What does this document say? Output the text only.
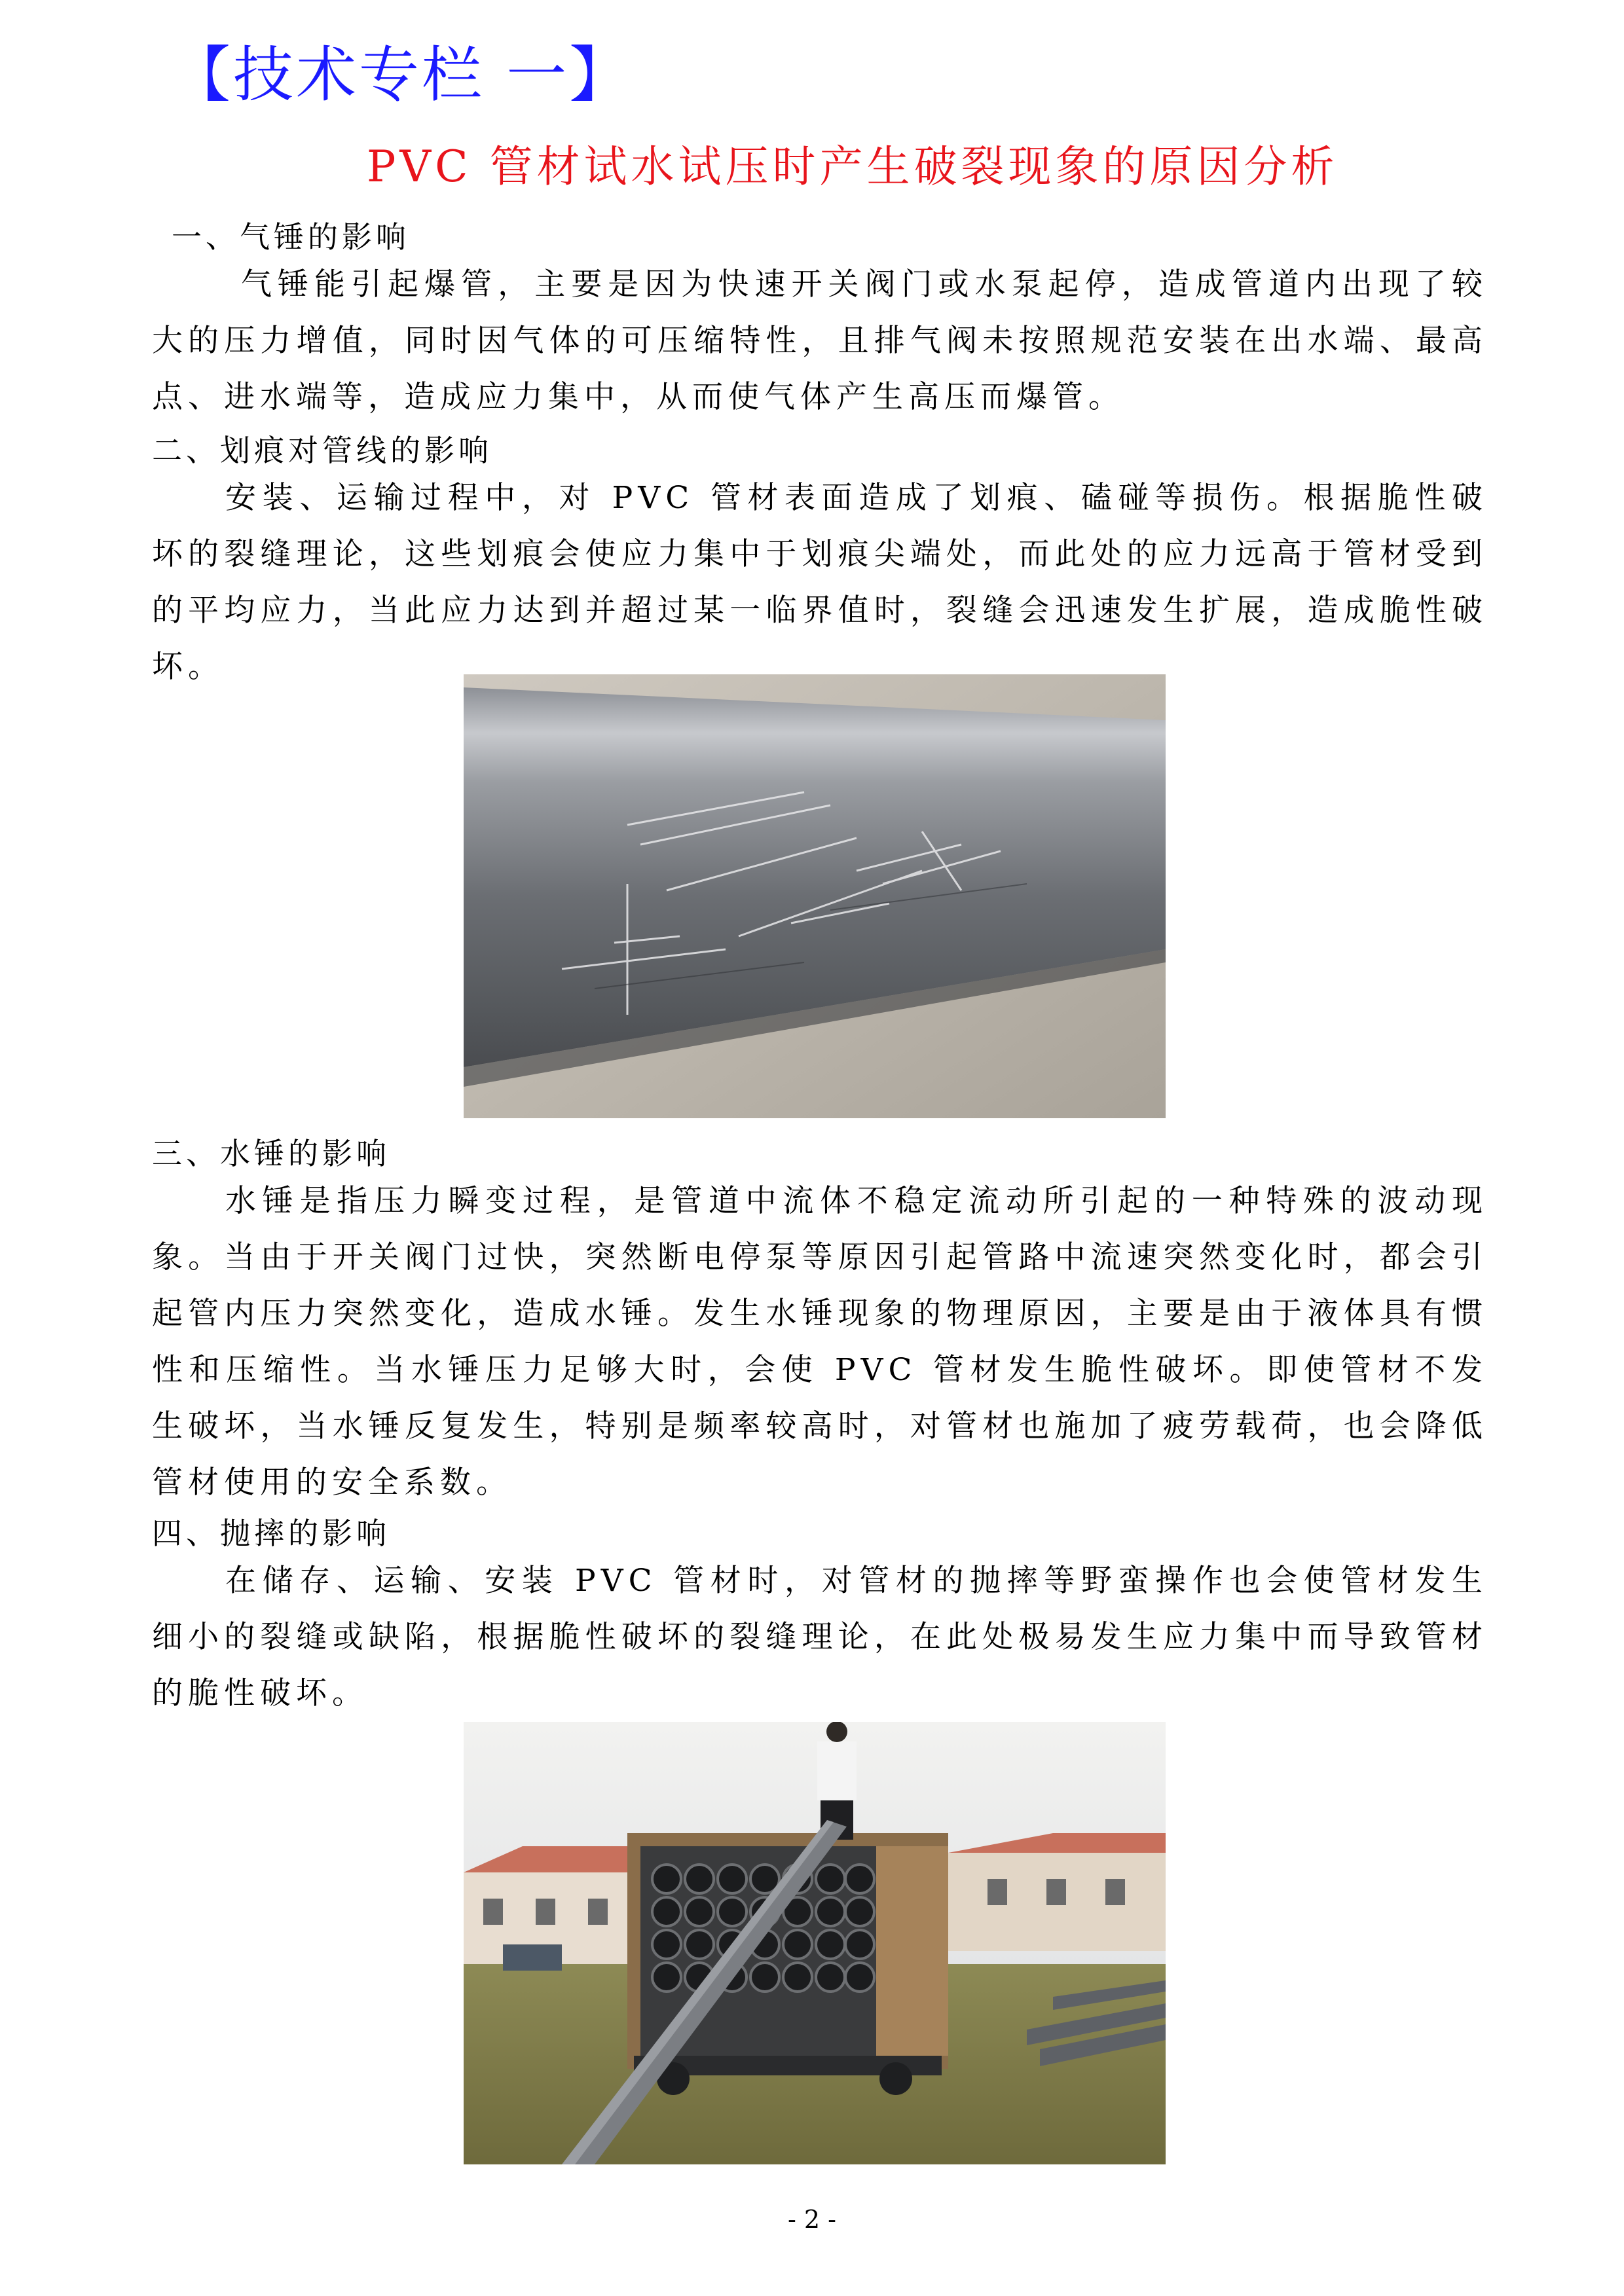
【技术专栏 一】
PVC 管材试水试压时产生破裂现象的原因分析
一、气锤的影响
气锤能引起爆管，主要是因为快速开关阀门或水泵起停，造成管道内出现了较大的压力增值，同时因气体的可压缩特性，且排气阀未按照规范安装在出水端、最高点、进水端等，造成应力集中，从而使气体产生高压而爆管。
二、划痕对管线的影响
安装、运输过程中，对 PVC 管材表面造成了划痕、磕碰等损伤。根据脆性破坏的裂缝理论，这些划痕会使应力集中于划痕尖端处，而此处的应力远高于管材受到的平均应力，当此应力达到并超过某一临界值时，裂缝会迅速发生扩展，造成脆性破坏。
三、水锤的影响
水锤是指压力瞬变过程，是管道中流体不稳定流动所引起的一种特殊的波动现象。当由于开关阀门过快，突然断电停泵等原因引起管路中流速突然变化时，都会引起管内压力突然变化，造成水锤。发生水锤现象的物理原因，主要是由于液体具有惯性和压缩性。当水锤压力足够大时，会使 PVC 管材发生脆性破坏。即使管材不发生破坏，当水锤反复发生，特别是频率较高时，对管材也施加了疲劳载荷，也会降低管材使用的安全系数。
四、抛摔的影响
在储存、运输、安装 PVC 管材时，对管材的抛摔等野蛮操作也会使管材发生细小的裂缝或缺陷，根据脆性破坏的裂缝理论，在此处极易发生应力集中而导致管材的脆性破坏。
- 2 -
